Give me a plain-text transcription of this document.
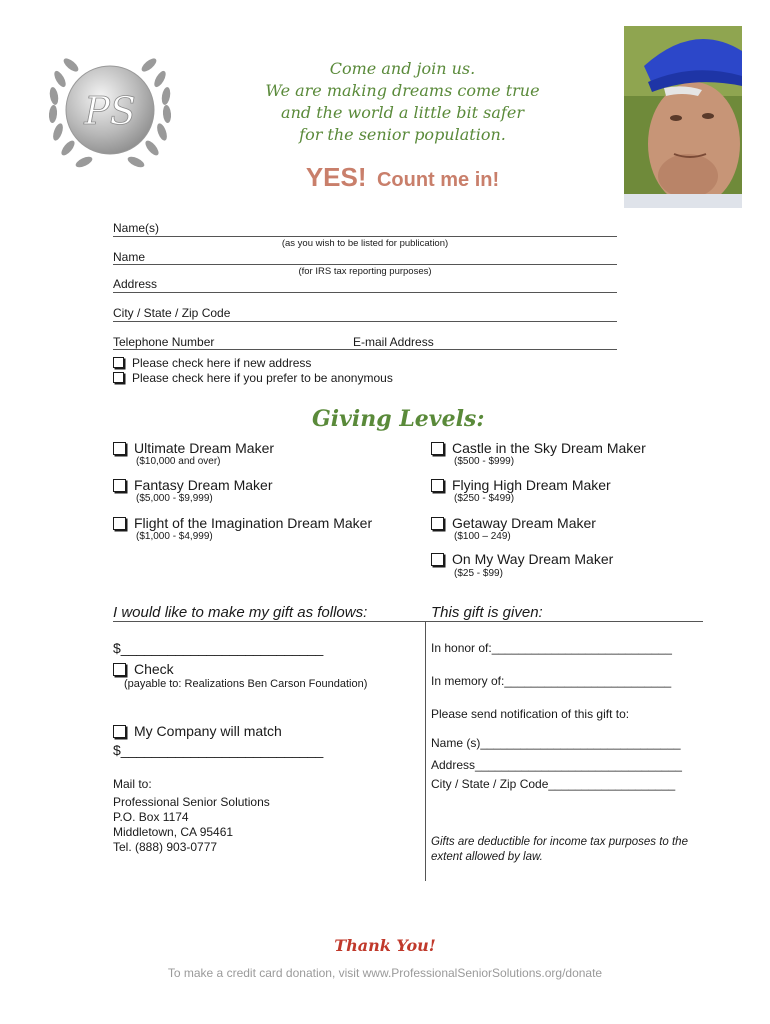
PS
Come and join us.
We are making dreams come true
and the world a little bit safer
for the senior population.
YES! Count me in!
Name(s)
(as you wish to be listed for publication)
Name
(for IRS tax reporting purposes)
Address
City / State / Zip Code
Telephone Number	E-mail Address
Please check here if new address
Please check here if you prefer to be anonymous
Giving Levels:
Ultimate Dream Maker
($10,000 and over)
Fantasy Dream Maker
($5,000 - $9,999)
Flight of the Imagination Dream Maker
($1,000 - $4,999)
Castle in the Sky Dream Maker
($500 - $999)
Flying High Dream Maker
($250 - $499)
Getaway Dream Maker
($100 – 249)
On My Way Dream Maker
($25 - $99)
I would like to make my gift as follows:	This gift is given:
$__________________________
Check
(payable to: Realizations Ben Carson Foundation)
My Company will match
$__________________________
Mail to:
Professional Senior Solutions
P.O. Box 1174
Middletown, CA 95461
Tel. (888) 903-0777
In honor of:___________________________
In memory of:_________________________
Please send notification of this gift to:
Name (s)______________________________
Address_______________________________
City / State / Zip Code___________________
Gifts are deductible for income tax purposes to the extent allowed by law.
Thank You!
To make a credit card donation, visit www.ProfessionalSeniorSolutions.org/donate
